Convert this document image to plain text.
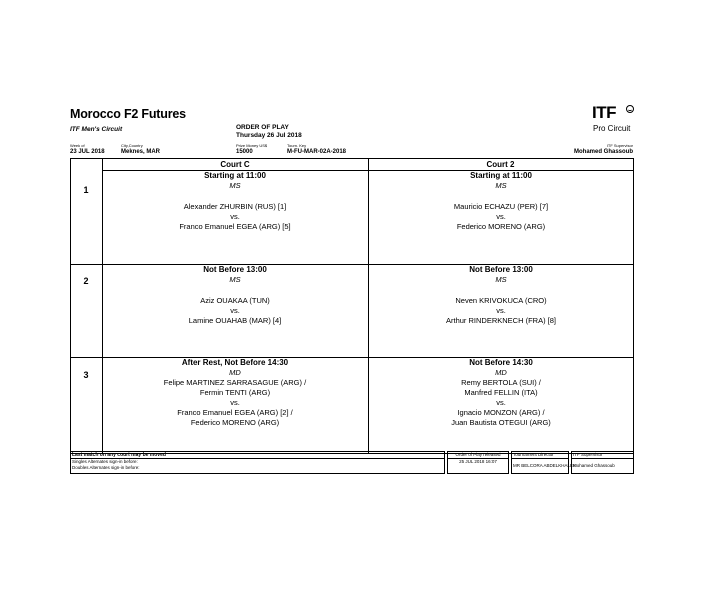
Morocco F2 Futures
ITF Men's Circuit	ORDER OF PLAY
Thursday 26 Jul 2018
ITF
Pro Circuit
Week of
23 JUL 2018
City,Country
Meknes, MAR
Prize Money US$
15000
Tourn. Key
M-FU-MAR-02A-2018
ITF Supervisor
Mohamed Ghassoub
Court C	Court 2
1
2
3
Starting at 11:00
MS
Alexander ZHURBIN (RUS) [1]
vs.
Franco Emanuel EGEA (ARG) [5]
Starting at 11:00
MS
Mauricio ECHAZU (PER) [7]
vs.
Federico MORENO (ARG)
Not Before 13:00
MS
Aziz OUAKAA (TUN)
vs.
Lamine OUAHAB (MAR) [4]
Not Before 13:00
MS
Neven KRIVOKUCA (CRO)
vs.
Arthur RINDERKNECH (FRA) [8]
After Rest, Not Before 14:30
MD
Felipe MARTINEZ SARRASAGUE (ARG) /
Fermin TENTI (ARG)
vs.
Franco Emanuel EGEA (ARG) [2] /
Federico MORENO (ARG)
Not Before 14:30
MD
Remy BERTOLA (SUI) /
Manfred FELLIN (ITA)
vs.
Ignacio MONZON (ARG) /
Juan Bautista OTEGUI (ARG)
Last match on any court may be moved
Singles Alternates sign-in before:
Doubles Alternates sign-in before:
Order of Play released
25 JUL 2018 16:07
Tournament Director
MR BELCORA ABDELKHALEK
ITF Supervisor
Mohamed Ghassoub
